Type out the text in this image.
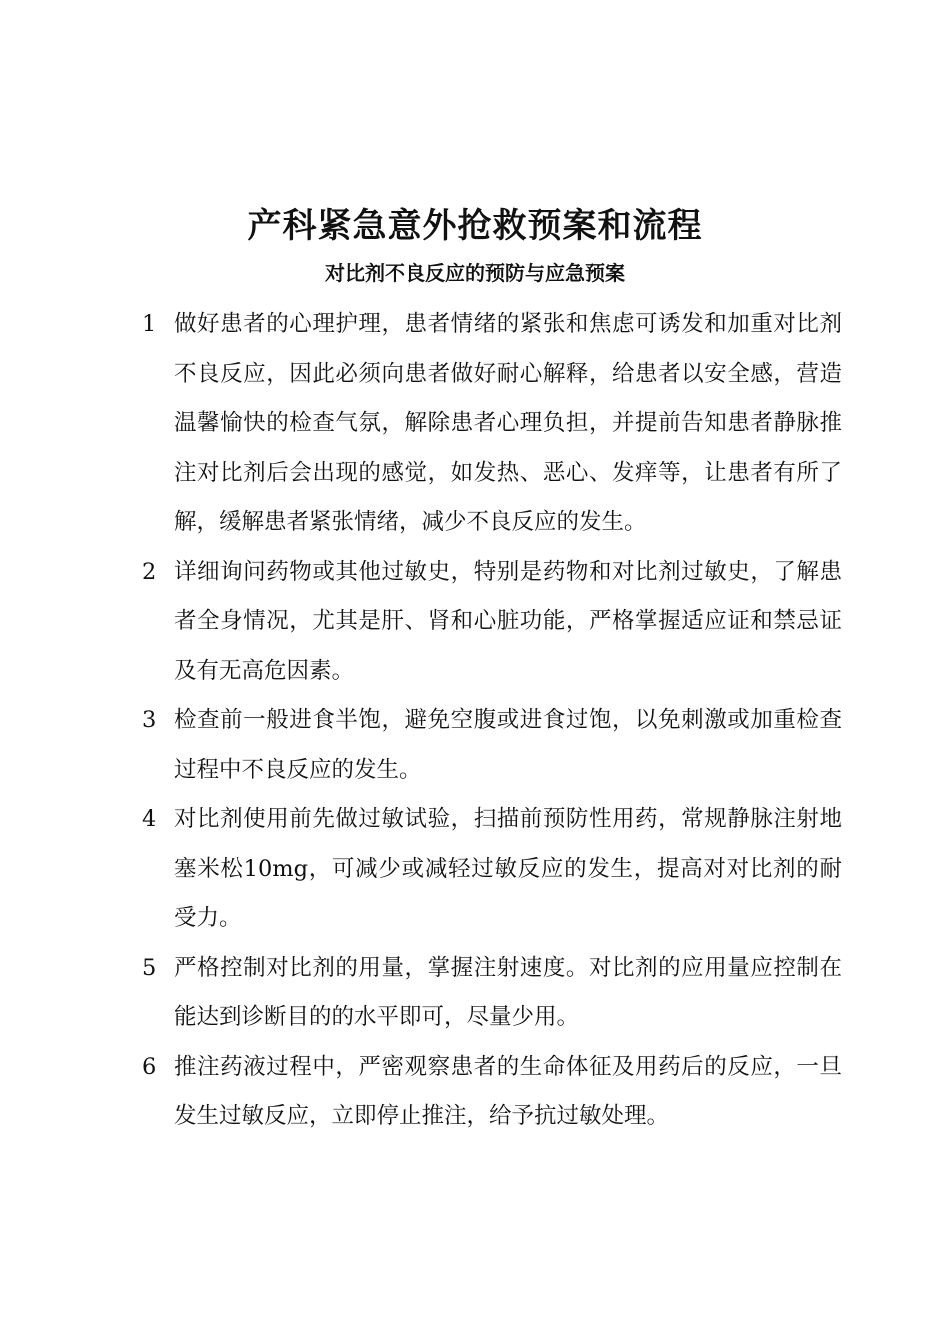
产科紧急意外抢救预案和流程
对比剂不良反应的预防与应急预案
1 做好患者的心理护理，患者情绪的紧张和焦虑可诱发和加重对比剂不良反应，因此必须向患者做好耐心解释，给患者以安全感，营造温馨愉快的检查气氛，解除患者心理负担，并提前告知患者静脉推注对比剂后会出现的感觉，如发热、恶心、发痒等，让患者有所了解，缓解患者紧张情绪，减少不良反应的发生。
2 详细询问药物或其他过敏史，特别是药物和对比剂过敏史，了解患者全身情况，尤其是肝、肾和心脏功能，严格掌握适应证和禁忌证及有无高危因素。
3 检查前一般进食半饱，避免空腹或进食过饱，以免刺激或加重检查过程中不良反应的发生。
4 对比剂使用前先做过敏试验，扫描前预防性用药，常规静脉注射地塞米松10mg，可减少或减轻过敏反应的发生，提高对对比剂的耐受力。
5 严格控制对比剂的用量，掌握注射速度。对比剂的应用量应控制在能达到诊断目的的水平即可，尽量少用。
6 推注药液过程中，严密观察患者的生命体征及用药后的反应，一旦发生过敏反应，立即停止推注，给予抗过敏处理。
